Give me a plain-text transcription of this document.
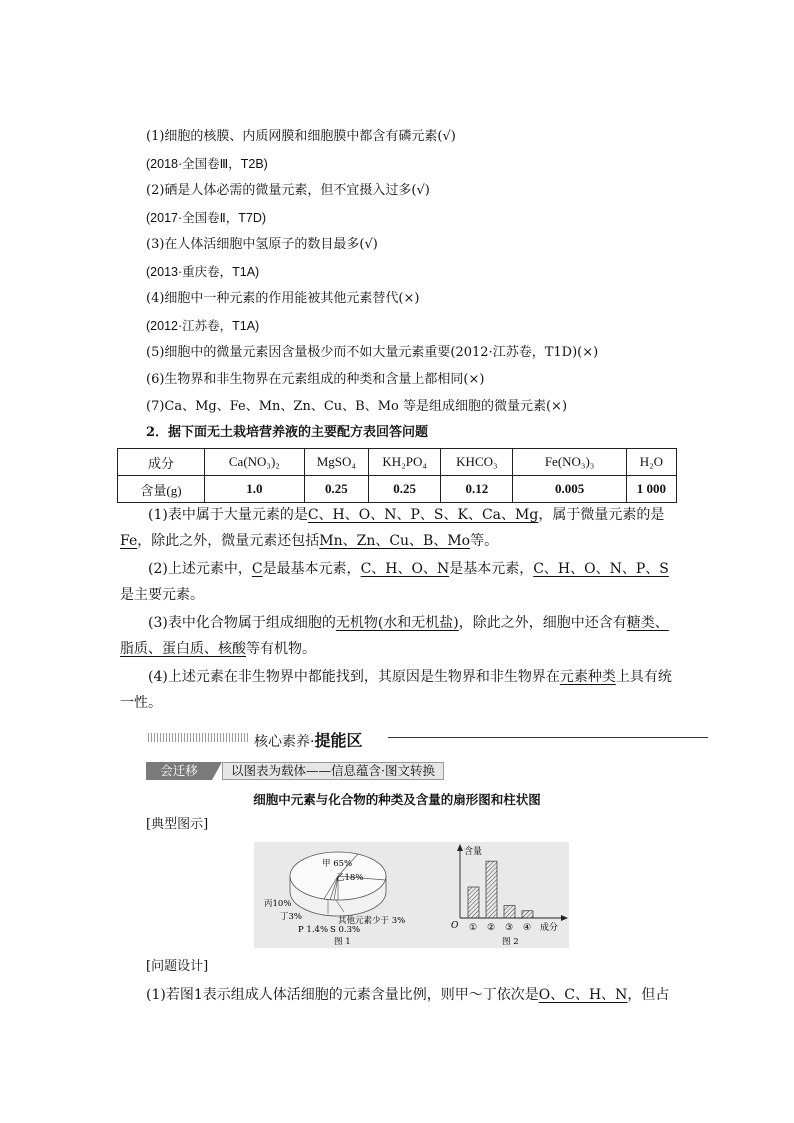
(1)细胞的核膜、内质网膜和细胞膜中都含有磷元素(√)
(2018·全国卷Ⅲ，T2B)
(2)硒是人体必需的微量元素，但不宜摄入过多(√)
(2017·全国卷Ⅱ，T7D)
(3)在人体活细胞中氢原子的数目最多(√)
(2013·重庆卷，T1A)
(4)细胞中一种元素的作用能被其他元素替代(×)
(2012·江苏卷，T1A)
(5)细胞中的微量元素因含量极少而不如大量元素重要(2012·江苏卷，T1D)(×)
(6)生物界和非生物界在元素组成的种类和含量上都相同(×)
(7)Ca、Mg、Fe、Mn、Zn、Cu、B、Mo 等是组成细胞的微量元素(×)
2．据下面无土栽培营养液的主要配方表回答问题
成分	Ca(NO₃)₂	MgSO₄	KH₂PO₄	KHCO₃	Fe(NO₃)₃	H₂O
含量(g)	1.0	0.25	0.25	0.12	0.005	1 000
(1)表中属于大量元素的是C、H、O、N、P、S、K、Ca、Mg，属于微量元素的是Fe，除此之外，微量元素还包括Mn、Zn、Cu、B、Mo等。
(2)上述元素中，C是最基本元素，C、H、O、N是基本元素，C、H、O、N、P、S是主要元素。
(3)表中化合物属于组成细胞的无机物(水和无机盐)，除此之外，细胞中还含有糖类、脂质、蛋白质、核酸等有机物。
(4)上述元素在非生物界中都能找到，其原因是生物界和非生物界在元素种类上具有统一性。
核心素养·提能区
会迁移	以图表为载体——信息蕴含·图文转换
细胞中元素与化合物的种类及含量的扇形图和柱状图
[典型图示]
甲 65%
乙18%
丙10%
丁3%	其他元素少于 3%
P 1.4% S 0.3%
图 1
含量
成分
O ① ② ③ ④
图 2
[问题设计]
(1)若图1表示组成人体活细胞的元素含量比例，则甲～丁依次是O、C、H、N，但占
